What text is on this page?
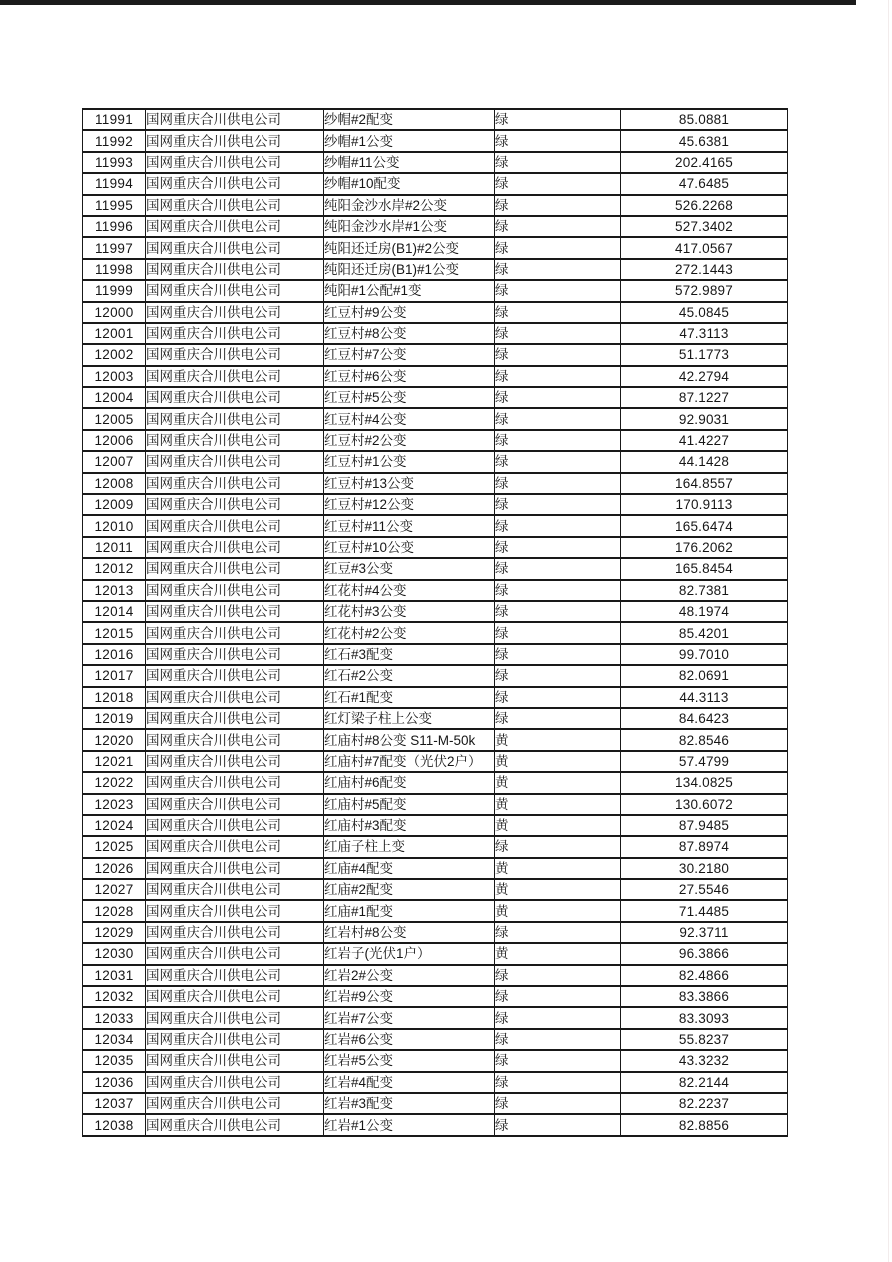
11991	国网重庆合川供电公司	纱帽#2配变	绿	85.0881
11992	国网重庆合川供电公司	纱帽#1公变	绿	45.6381
11993	国网重庆合川供电公司	纱帽#11公变	绿	202.4165
11994	国网重庆合川供电公司	纱帽#10配变	绿	47.6485
11995	国网重庆合川供电公司	纯阳金沙水岸#2公变	绿	526.2268
11996	国网重庆合川供电公司	纯阳金沙水岸#1公变	绿	527.3402
11997	国网重庆合川供电公司	纯阳还迁房(B1)#2公变	绿	417.0567
11998	国网重庆合川供电公司	纯阳还迁房(B1)#1公变	绿	272.1443
11999	国网重庆合川供电公司	纯阳#1公配#1变	绿	572.9897
12000	国网重庆合川供电公司	红豆村#9公变	绿	45.0845
12001	国网重庆合川供电公司	红豆村#8公变	绿	47.3113
12002	国网重庆合川供电公司	红豆村#7公变	绿	51.1773
12003	国网重庆合川供电公司	红豆村#6公变	绿	42.2794
12004	国网重庆合川供电公司	红豆村#5公变	绿	87.1227
12005	国网重庆合川供电公司	红豆村#4公变	绿	92.9031
12006	国网重庆合川供电公司	红豆村#2公变	绿	41.4227
12007	国网重庆合川供电公司	红豆村#1公变	绿	44.1428
12008	国网重庆合川供电公司	红豆村#13公变	绿	164.8557
12009	国网重庆合川供电公司	红豆村#12公变	绿	170.9113
12010	国网重庆合川供电公司	红豆村#11公变	绿	165.6474
12011	国网重庆合川供电公司	红豆村#10公变	绿	176.2062
12012	国网重庆合川供电公司	红豆#3公变	绿	165.8454
12013	国网重庆合川供电公司	红花村#4公变	绿	82.7381
12014	国网重庆合川供电公司	红花村#3公变	绿	48.1974
12015	国网重庆合川供电公司	红花村#2公变	绿	85.4201
12016	国网重庆合川供电公司	红石#3配变	绿	99.7010
12017	国网重庆合川供电公司	红石#2公变	绿	82.0691
12018	国网重庆合川供电公司	红石#1配变	绿	44.3113
12019	国网重庆合川供电公司	红灯梁子柱上公变	绿	84.6423
12020	国网重庆合川供电公司	红庙村#8公变 S11-M-50k	黄	82.8546
12021	国网重庆合川供电公司	红庙村#7配变（光伏2户）	黄	57.4799
12022	国网重庆合川供电公司	红庙村#6配变	黄	134.0825
12023	国网重庆合川供电公司	红庙村#5配变	黄	130.6072
12024	国网重庆合川供电公司	红庙村#3配变	黄	87.9485
12025	国网重庆合川供电公司	红庙子柱上变	绿	87.8974
12026	国网重庆合川供电公司	红庙#4配变	黄	30.2180
12027	国网重庆合川供电公司	红庙#2配变	黄	27.5546
12028	国网重庆合川供电公司	红庙#1配变	黄	71.4485
12029	国网重庆合川供电公司	红岩村#8公变	绿	92.3711
12030	国网重庆合川供电公司	红岩子(光伏1户）	黄	96.3866
12031	国网重庆合川供电公司	红岩2#公变	绿	82.4866
12032	国网重庆合川供电公司	红岩#9公变	绿	83.3866
12033	国网重庆合川供电公司	红岩#7公变	绿	83.3093
12034	国网重庆合川供电公司	红岩#6公变	绿	55.8237
12035	国网重庆合川供电公司	红岩#5公变	绿	43.3232
12036	国网重庆合川供电公司	红岩#4配变	绿	82.2144
12037	国网重庆合川供电公司	红岩#3配变	绿	82.2237
12038	国网重庆合川供电公司	红岩#1公变	绿	82.8856
